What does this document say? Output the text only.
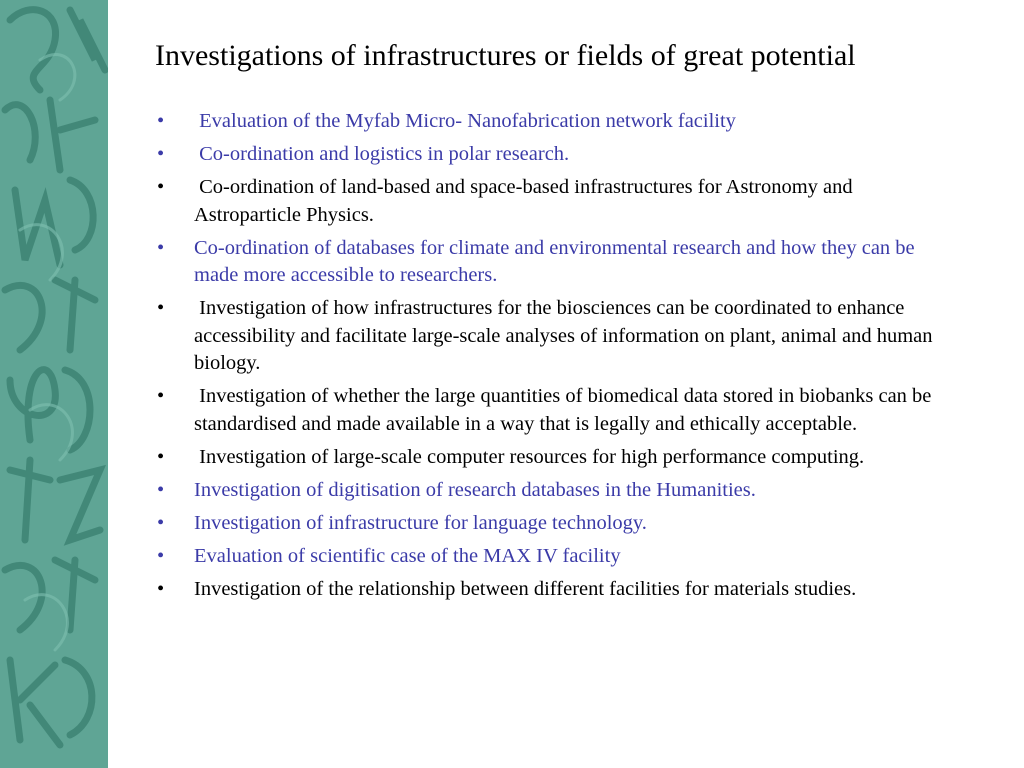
Investigations of infrastructures or fields of great potential
• Evaluation of the Myfab Micro- Nanofabrication network facility
• Co-ordination and logistics in polar research.
• Co-ordination of land-based and space-based infrastructures for Astronomy and Astroparticle Physics.
• Co-ordination of databases for climate and environmental research and how they can be made more accessible to researchers.
• Investigation of how infrastructures for the biosciences can be coordinated to enhance accessibility and facilitate large-scale analyses of information on plant, animal and human biology.
• Investigation of whether the large quantities of biomedical data stored in biobanks can be standardised and made available in a way that is legally and ethically acceptable.
• Investigation of large-scale computer resources for high performance computing.
• Investigation of digitisation of research databases in the Humanities.
• Investigation of infrastructure for language technology.
• Evaluation of scientific case of the MAX IV facility
• Investigation of the relationship between different facilities for materials studies.
